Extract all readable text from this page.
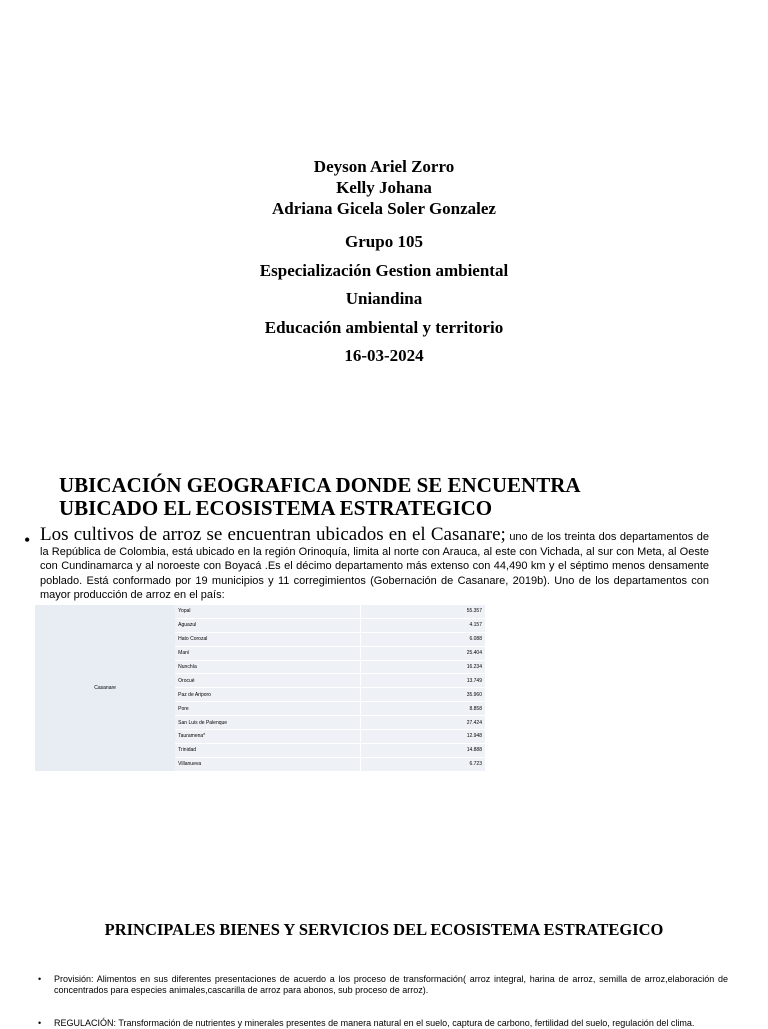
Deyson Ariel Zorro
Kelly Johana
Adriana Gicela Soler Gonzalez
Grupo 105
Especialización Gestion ambiental
Uniandina
Educación ambiental y territorio
16-03-2024
UBICACIÓN GEOGRAFICA DONDE SE ENCUENTRA
UBICADO EL ECOSISTEMA ESTRATEGICO
• Los cultivos de arroz se encuentran ubicados en el Casanare; uno de los treinta dos departamentos de la República de Colombia, está ubicado en la región Orinoquía, limita al norte con Arauca, al este con Vichada, al sur con Meta, al Oeste con Cundinamarca y al noroeste con Boyacá .Es el décimo departamento más extenso con 44,490 km y el séptimo menos densamente poblado. Está conformado por 19 municipios y 11 corregimientos (Gobernación de Casanare, 2019b). Uno de los departamentos con mayor producción de arroz en el país:
Casanare	Yopal	55.357
	Aguazul	4.157
	Hato Corozal	6.088
	Maní	25.404
	Nunchía	16.234
	Orocué	13.749
	Paz de Ariporo	35.960
	Pore	8.858
	San Luis de Palenque	27.424
	Tauramena*	12.948
	Trinidad	14.888
	Villanueva	6.723
PRINCIPALES BIENES Y SERVICIOS DEL ECOSISTEMA ESTRATEGICO
• Provisión: Alimentos en sus diferentes presentaciones de acuerdo a los proceso de transformación( arroz integral, harina de arroz, semilla de arroz,elaboración de concentrados para especies animales,cascarilla de arroz para abonos, sub proceso de arroz).
• REGULACIÓN: Transformación de nutrientes y minerales presentes de manera natural en el suelo, captura de carbono, fertilidad del suelo, regulación del clima.
